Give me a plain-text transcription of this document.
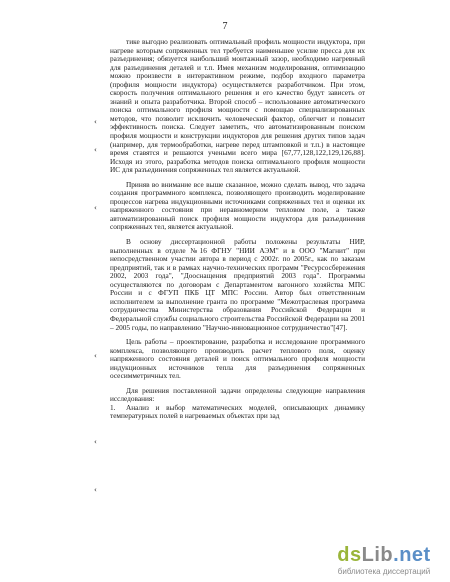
7

тике выгодно реализовать оптимальный профиль мощности индуктора, при нагреве которым сопряженных тел требуется наименьшее усилие пресса для их разъединения; обязуется наибольший монтажный зазор, необходимо нагревный для разъединения деталей и т.п. Имея механизм моделирования, оптимизацию можно произвести в интерактивном режиме, подбор входного параметра (профиля мощности индуктора) осуществляется разработчиком. При этом, скорость получения оптимального решения и его качество будут зависеть от знаний и опыта разработчика. Второй способ – использование автоматического поиска оптимального профиля мощности с помощью специализированных методов, что позволит исключить человеческий фактор, облегчит и повысит эффективность поиска. Следует заметить, что автоматизированным поиском профиля мощности и конструкции индукторов для решения других типов задач (например, для термообработки, нагреве перед штамповкой и т.п.) в настоящее время ставятся и решаются учеными всего мира [67,77,128,122,129,126,88]. Исходя из этого, разработка методов поиска оптимального профиля мощности ИС для разъединения сопряженных тел является актуальной.

Приняв во внимание все выше сказанное, можно сделать вывод, что задача создания программного комплекса, позволяющего производить моделирование процессов нагрева индукционными источниками сопряженных тел и оценки их напряженного состояния при неравномерном тепловом поле, а также автоматизированный поиск профиля мощности индуктора для разъединения сопряженных тел, является актуальной.

В основу диссертационной работы положены результаты НИР, выполненных в отделе №16 ФГНУ "НИИ АЭМ" и в ООО "Магнит" при непосредственном участии автора в период с 2002г. по 2005г., как по заказам предприятий, так и в рамках научно-технических программ "Ресурсосбережения 2002, 2003 года", "Дооснащения предприятий 2003 года". Программы осуществляются по договорам с Департаментом вагонного хозяйства МПС России и с ФГУП ПКБ ЦТ МПС России. Автор был ответственным исполнителем за выполнение гранта по программе "Межотраслевая программа сотрудничества Министерства образования Российской Федерации и Федеральной службы социального строительства Российской Федерации на 2001 – 2005 годы, по направлению "Научно-инновационное сотрудничество"[47].

Цель работы – проектирование, разработка и исследование программного комплекса, позволяющего производить расчет теплового поля, оценку напряженного состояния деталей и поиск оптимального профиля мощности индукционных источников тепла для разъединения сопряженных осесимметричных тел.

Для решения поставленной задачи определены следующие направления исследования:

1. Анализ и выбор математических моделей, описывающих динамику температурных полей в нагреваемых объектах при зад

‹
‹
‹
‹
‹
‹
dsLib.net
библиотека диссертаций
